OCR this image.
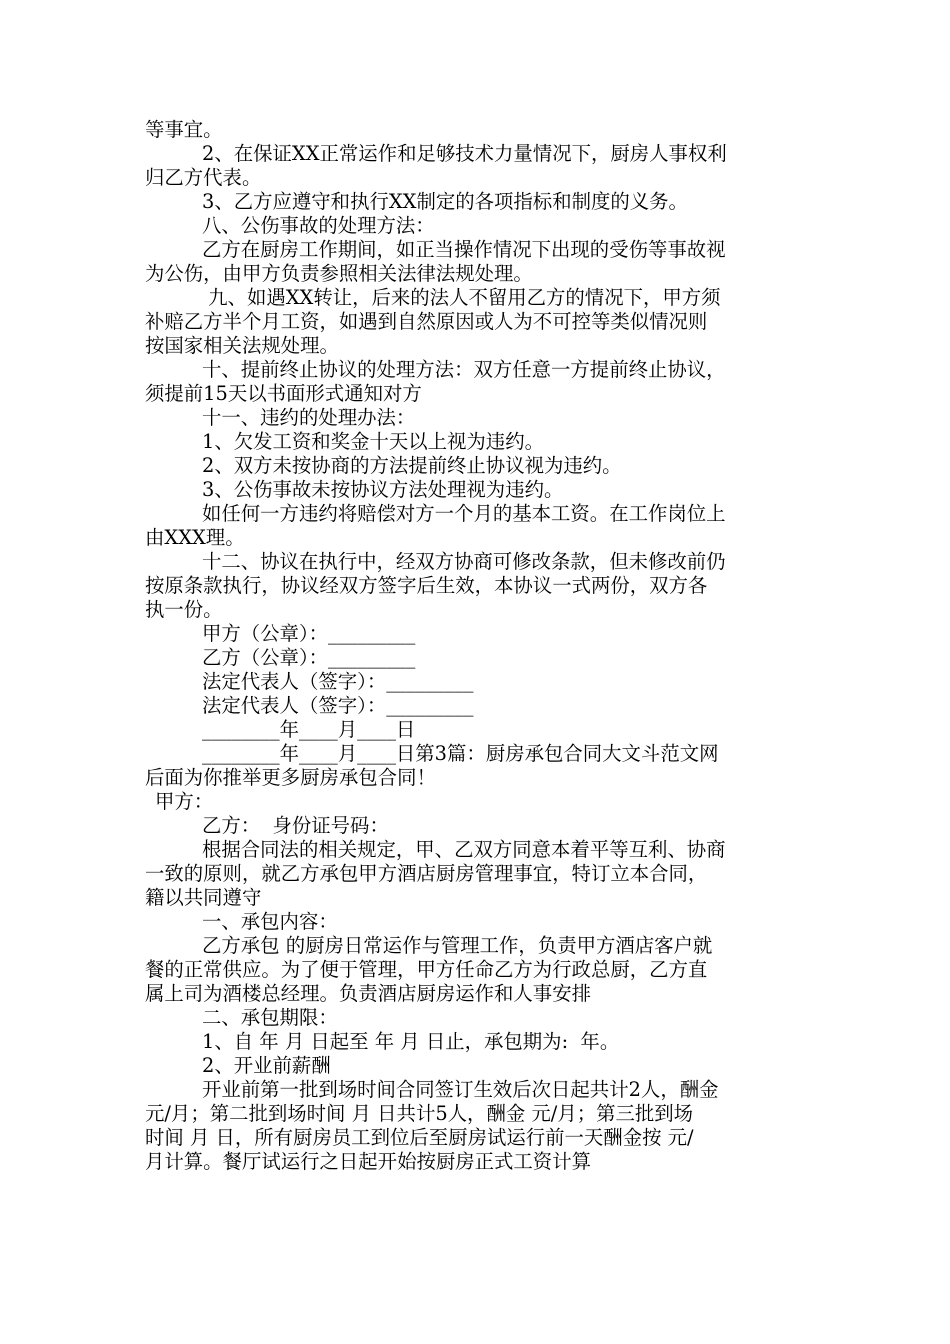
等事宜。
2、在保证XX正常运作和足够技术力量情况下，厨房人事权利
归乙方代表。
3、乙方应遵守和执行XX制定的各项指标和制度的义务。
八、公伤事故的处理方法：
乙方在厨房工作期间，如正当操作情况下出现的受伤等事故视
为公伤，由甲方负责参照相关法律法规处理。
九、如遇XX转让，后来的法人不留用乙方的情况下，甲方须
补赔乙方半个月工资，如遇到自然原因或人为不可控等类似情况则
按国家相关法规处理。
十、提前终止协议的处理方法：双方任意一方提前终止协议，
须提前15天以书面形式通知对方
十一、违约的处理办法：
1、欠发工资和奖金十天以上视为违约。
2、双方未按协商的方法提前终止协议视为违约。
3、公伤事故未按协议方法处理视为违约。
如任何一方违约将赔偿对方一个月的基本工资。在工作岗位上
由XXX理。
十二、协议在执行中，经双方协商可修改条款，但未修改前仍
按原条款执行，协议经双方签字后生效，本协议一式两份，双方各
执一份。
甲方（公章）：_________
乙方（公章）：_________
法定代表人（签字）：_________
法定代表人（签字）：_________
________年____月____日
________年____月____日第3篇：厨房承包合同大文斗范文网
后面为你推举更多厨房承包合同！
甲方：
乙方：  身份证号码：
根据合同法的相关规定，甲、乙双方同意本着平等互利、协商
一致的原则，就乙方承包甲方酒店厨房管理事宜，特订立本合同，
籍以共同遵守
一、承包内容：
乙方承包 的厨房日常运作与管理工作，负责甲方酒店客户就
餐的正常供应。为了便于管理，甲方任命乙方为行政总厨，乙方直
属上司为酒楼总经理。负责酒店厨房运作和人事安排
二、承包期限：
1、自 年 月 日起至 年 月 日止，承包期为:  年。
2、开业前薪酬
开业前第一批到场时间合同签订生效后次日起共计2人，酬金
元/月；第二批到场时间 月 日共计5人，酬金 元/月；第三批到场
时间 月 日，所有厨房员工到位后至厨房试运行前一天酬金按 元/
月计算。餐厅试运行之日起开始按厨房正式工资计算
